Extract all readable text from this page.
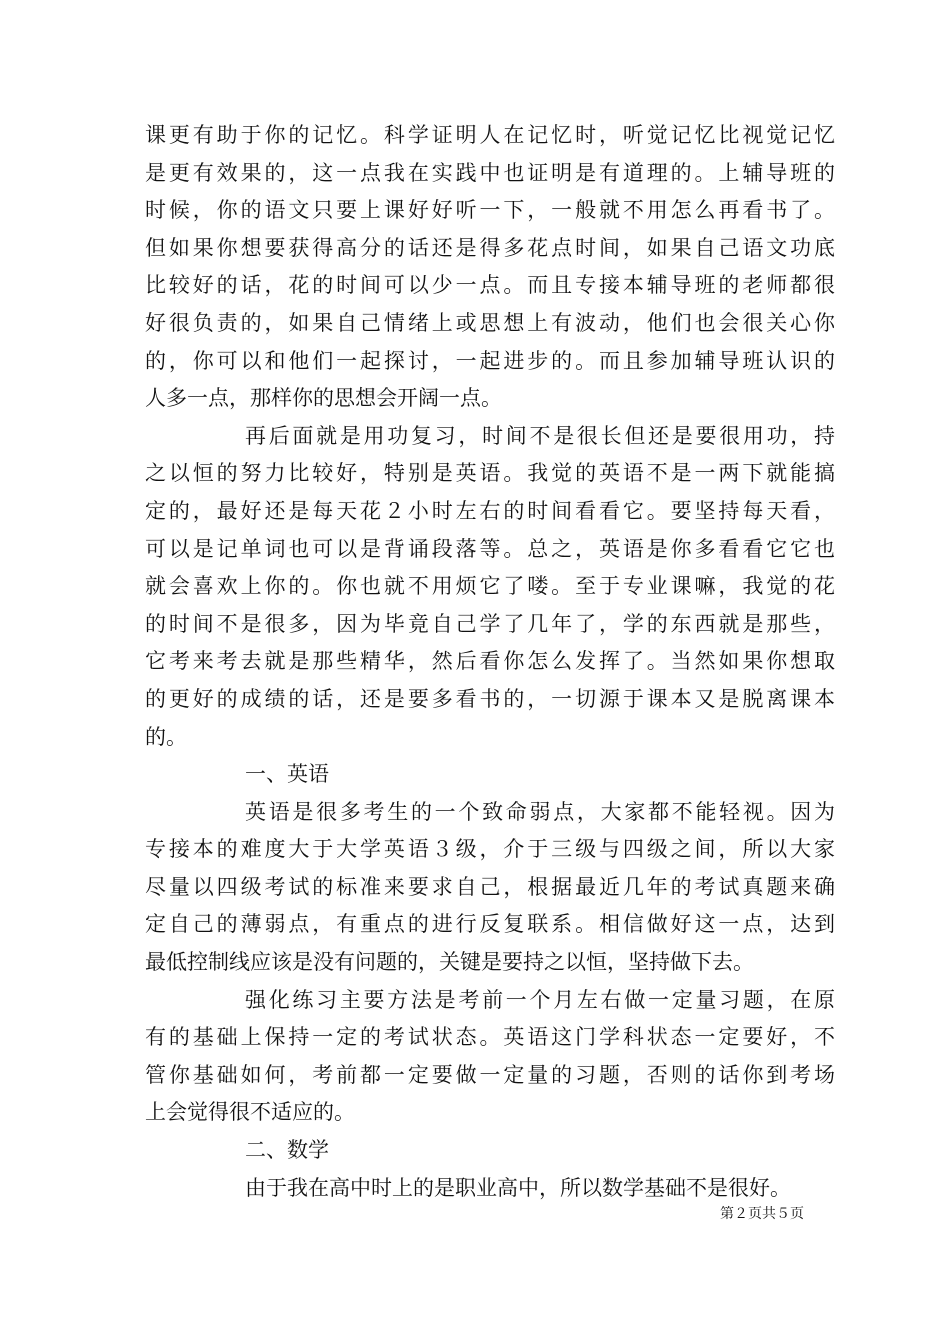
课更有助于你的记忆。科学证明人在记忆时，听觉记忆比视觉记忆
是更有效果的，这一点我在实践中也证明是有道理的。上辅导班的
时候，你的语文只要上课好好听一下，一般就不用怎么再看书了。
但如果你想要获得高分的话还是得多花点时间，如果自己语文功底
比较好的话，花的时间可以少一点。而且专接本辅导班的老师都很
好很负责的，如果自己情绪上或思想上有波动，他们也会很关心你
的，你可以和他们一起探讨，一起进步的。而且参加辅导班认识的
人多一点，那样你的思想会开阔一点。
再后面就是用功复习，时间不是很长但还是要很用功，持
之以恒的努力比较好，特别是英语。我觉的英语不是一两下就能搞
定的，最好还是每天花２小时左右的时间看看它。要坚持每天看，
可以是记单词也可以是背诵段落等。总之，英语是你多看看它它也
就会喜欢上你的。你也就不用烦它了喽。至于专业课嘛，我觉的花
的时间不是很多，因为毕竟自己学了几年了，学的东西就是那些，
它考来考去就是那些精华，然后看你怎么发挥了。当然如果你想取
的更好的成绩的话，还是要多看书的，一切源于课本又是脱离课本
的。
一、英语
英语是很多考生的一个致命弱点，大家都不能轻视。因为
专接本的难度大于大学英语３级，介于三级与四级之间，所以大家
尽量以四级考试的标准来要求自己，根据最近几年的考试真题来确
定自己的薄弱点，有重点的进行反复联系。相信做好这一点，达到
最低控制线应该是没有问题的，关键是要持之以恒，坚持做下去。
强化练习主要方法是考前一个月左右做一定量习题，在原
有的基础上保持一定的考试状态。英语这门学科状态一定要好，不
管你基础如何，考前都一定要做一定量的习题，否则的话你到考场
上会觉得很不适应的。
二、数学
由于我在高中时上的是职业高中，所以数学基础不是很好。
第２页共５页
